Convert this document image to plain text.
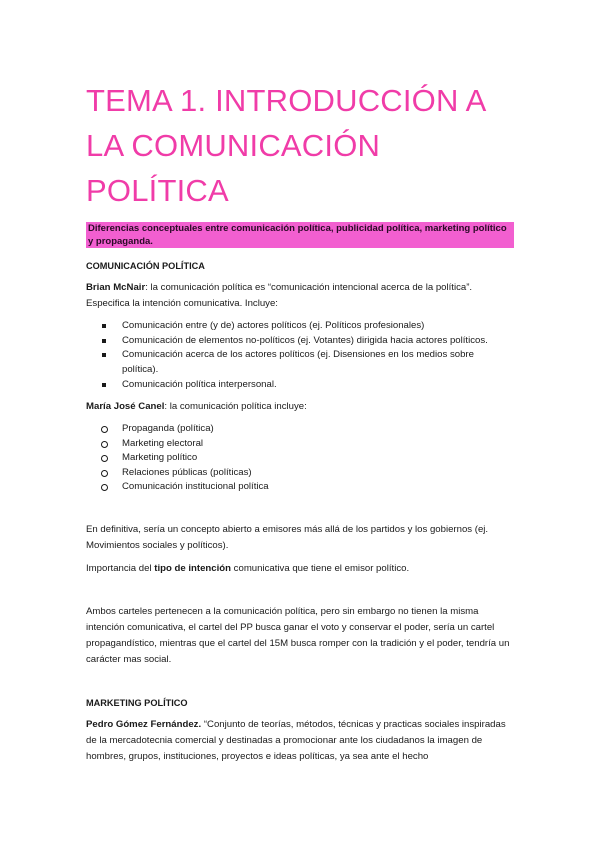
TEMA 1. INTRODUCCIÓN A
LA COMUNICACIÓN
POLÍTICA
Diferencias conceptuales entre comunicación política, publicidad política, marketing político
y propaganda.

COMUNICACIÓN POLÍTICA

Brian McNair: la comunicación política es “comunicación intencional acerca de la política”. Especifica la intención comunicativa. Incluye:

Comunicación entre (y de) actores políticos (ej. Políticos profesionales)
Comunicación de elementos no-políticos (ej. Votantes) dirigida hacia actores políticos.
Comunicación acerca de los actores políticos (ej. Disensiones en los medios sobre política).
Comunicación política interpersonal.

María José Canel: la comunicación política incluye:

Propaganda (política)
Marketing electoral
Marketing político
Relaciones públicas (políticas)
Comunicación institucional política

En definitiva, sería un concepto abierto a emisores más allá de los partidos y los gobiernos (ej. Movimientos sociales y políticos).

Importancia del tipo de intención comunicativa que tiene el emisor político.

Ambos carteles pertenecen a la comunicación política, pero sin embargo no tienen la misma intención comunicativa, el cartel del PP busca ganar el voto y conservar el poder, sería un cartel propagandístico, mientras que el cartel del 15M busca romper con la tradición y el poder, tendría un carácter mas social.

MARKETING POLÍTICO

Pedro Gómez Fernández. “Conjunto de teorías, métodos, técnicas y practicas sociales inspiradas de la mercadotecnia comercial y destinadas a promocionar ante los ciudadanos la imagen de hombres, grupos, instituciones, proyectos e ideas políticas, ya sea ante el hecho
